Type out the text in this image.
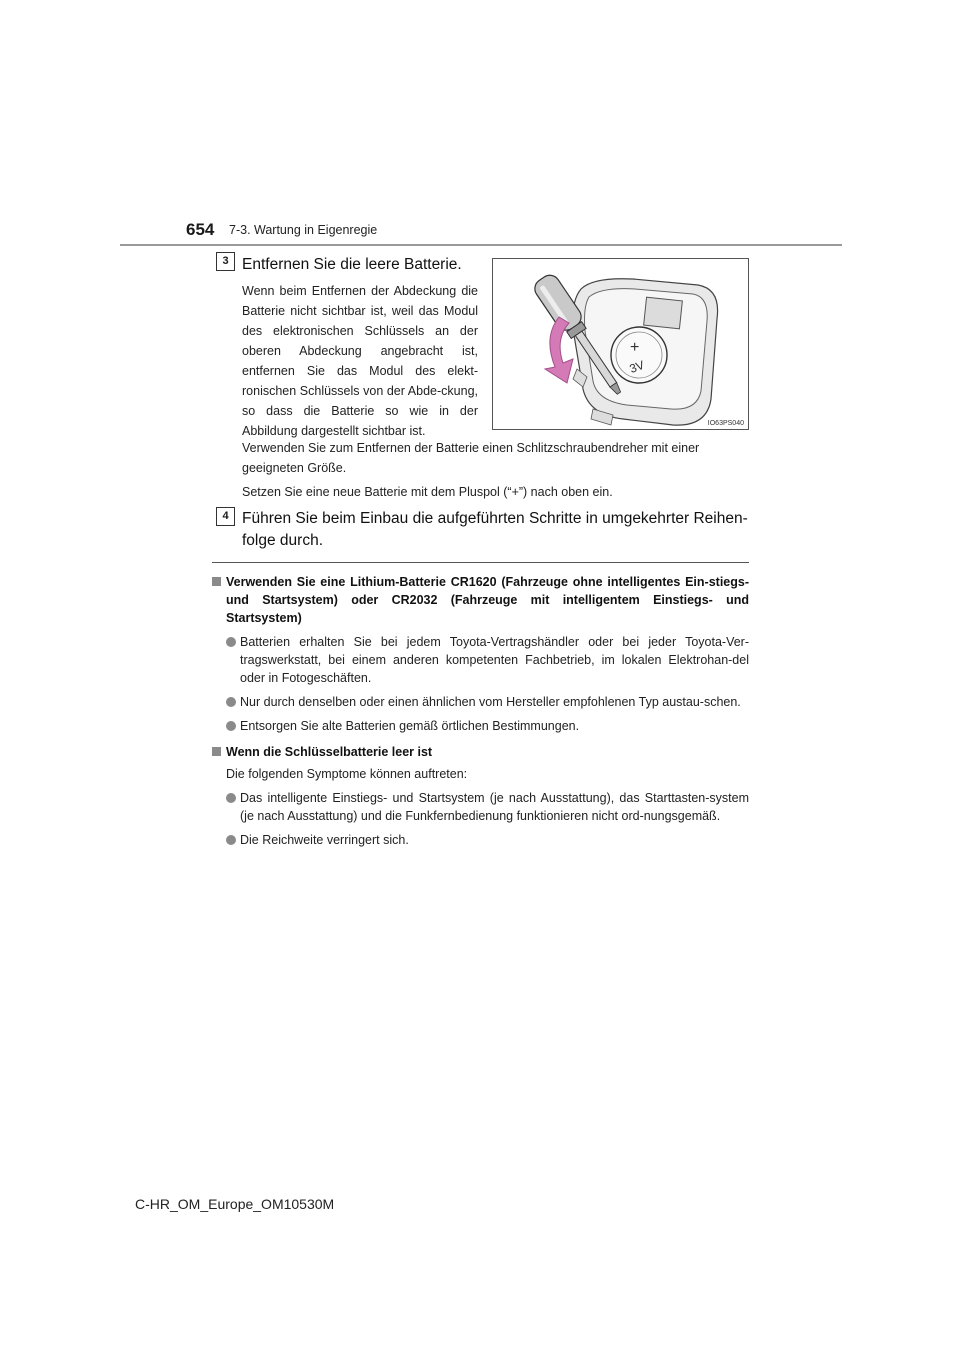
654 7-3. Wartung in Eigenregie
3 Entfernen Sie die leere Batterie.
Wenn beim Entfernen der Abdeckung die Batterie nicht sichtbar ist, weil das Modul des elektronischen Schlüssels an der oberen Abdeckung angebracht ist, entfernen Sie das Modul des elekt-ronischen Schlüssels von der Abde-ckung, so dass die Batterie so wie in der Abbildung dargestellt sichtbar ist.
+
3V
IO63PS040
Verwenden Sie zum Entfernen der Batterie einen Schlitzschraubendreher mit einer geeigneten Größe.
Setzen Sie eine neue Batterie mit dem Pluspol (“+”) nach oben ein.
4 Führen Sie beim Einbau die aufgeführten Schritte in umgekehrter Reihen-folge durch.
Verwenden Sie eine Lithium-Batterie CR1620 (Fahrzeuge ohne intelligentes Ein-stiegs- und Startsystem) oder CR2032 (Fahrzeuge mit intelligentem Einstiegs- und Startsystem)
Batterien erhalten Sie bei jedem Toyota-Vertragshändler oder bei jeder Toyota-Ver-tragswerkstatt, bei einem anderen kompetenten Fachbetrieb, im lokalen Elektrohan-del oder in Fotogeschäften.
Nur durch denselben oder einen ähnlichen vom Hersteller empfohlenen Typ austau-schen.
Entsorgen Sie alte Batterien gemäß örtlichen Bestimmungen.
Wenn die Schlüsselbatterie leer ist
Die folgenden Symptome können auftreten:
Das intelligente Einstiegs- und Startsystem (je nach Ausstattung), das Starttasten-system (je nach Ausstattung) und die Funkfernbedienung funktionieren nicht ord-nungsgemäß.
Die Reichweite verringert sich.
C-HR_OM_Europe_OM10530M
